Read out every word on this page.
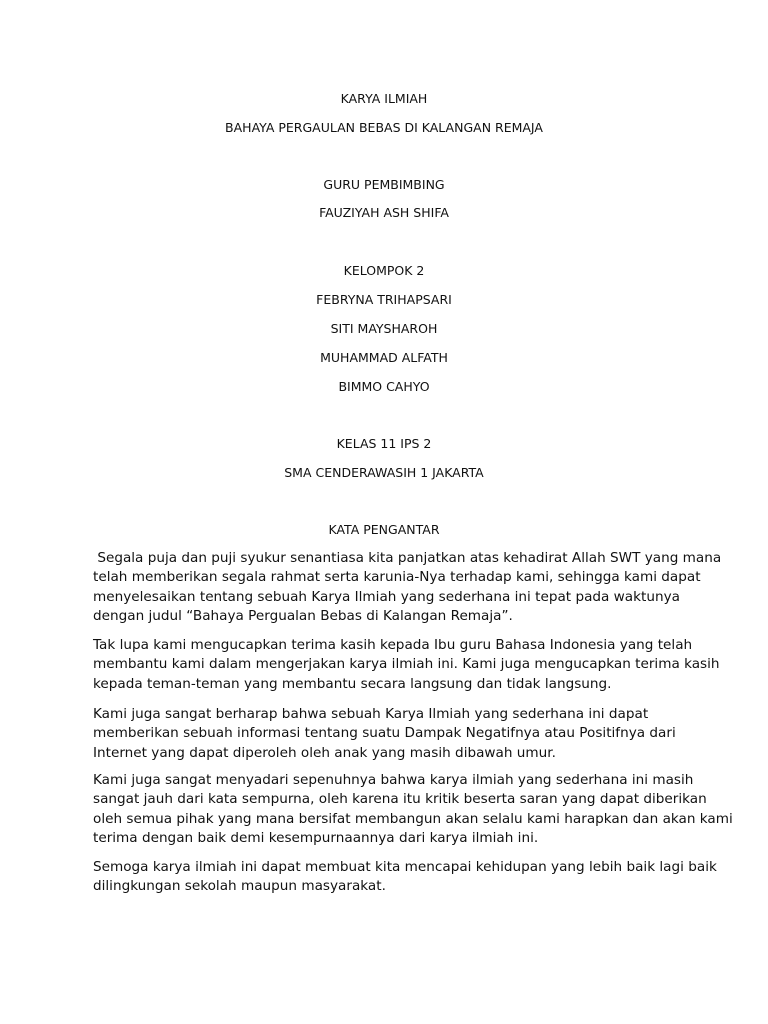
KARYA ILMIAH
BAHAYA PERGAULAN BEBAS DI KALANGAN REMAJA
GURU PEMBIMBING
FAUZIYAH ASH SHIFA
KELOMPOK 2
FEBRYNA TRIHAPSARI
SITI MAYSHAROH
MUHAMMAD ALFATH
BIMMO CAHYO
KELAS 11 IPS 2
SMA CENDERAWASIH 1 JAKARTA
KATA PENGANTAR
Segala puja dan puji syukur senantiasa kita panjatkan atas kehadirat Allah SWT yang mana
telah memberikan segala rahmat serta karunia-Nya terhadap kami, sehingga kami dapat
menyelesaikan tentang sebuah Karya Ilmiah yang sederhana ini tepat pada waktunya
dengan judul “Bahaya Pergualan Bebas di Kalangan Remaja”.
Tak lupa kami mengucapkan terima kasih kepada Ibu guru Bahasa Indonesia yang telah
membantu kami dalam mengerjakan karya ilmiah ini. Kami juga mengucapkan terima kasih
kepada teman-teman yang membantu secara langsung dan tidak langsung.
Kami juga sangat berharap bahwa sebuah Karya Ilmiah yang sederhana ini dapat
memberikan sebuah informasi tentang suatu Dampak Negatifnya atau Positifnya dari
Internet yang dapat diperoleh oleh anak yang masih dibawah umur.
Kami juga sangat menyadari sepenuhnya bahwa karya ilmiah yang sederhana ini masih
sangat jauh dari kata sempurna, oleh karena itu kritik beserta saran yang dapat diberikan
oleh semua pihak yang mana bersifat membangun akan selalu kami harapkan dan akan kami
terima dengan baik demi kesempurnaannya dari karya ilmiah ini.
Semoga karya ilmiah ini dapat membuat kita mencapai kehidupan yang lebih baik lagi baik
dilingkungan sekolah maupun masyarakat.
